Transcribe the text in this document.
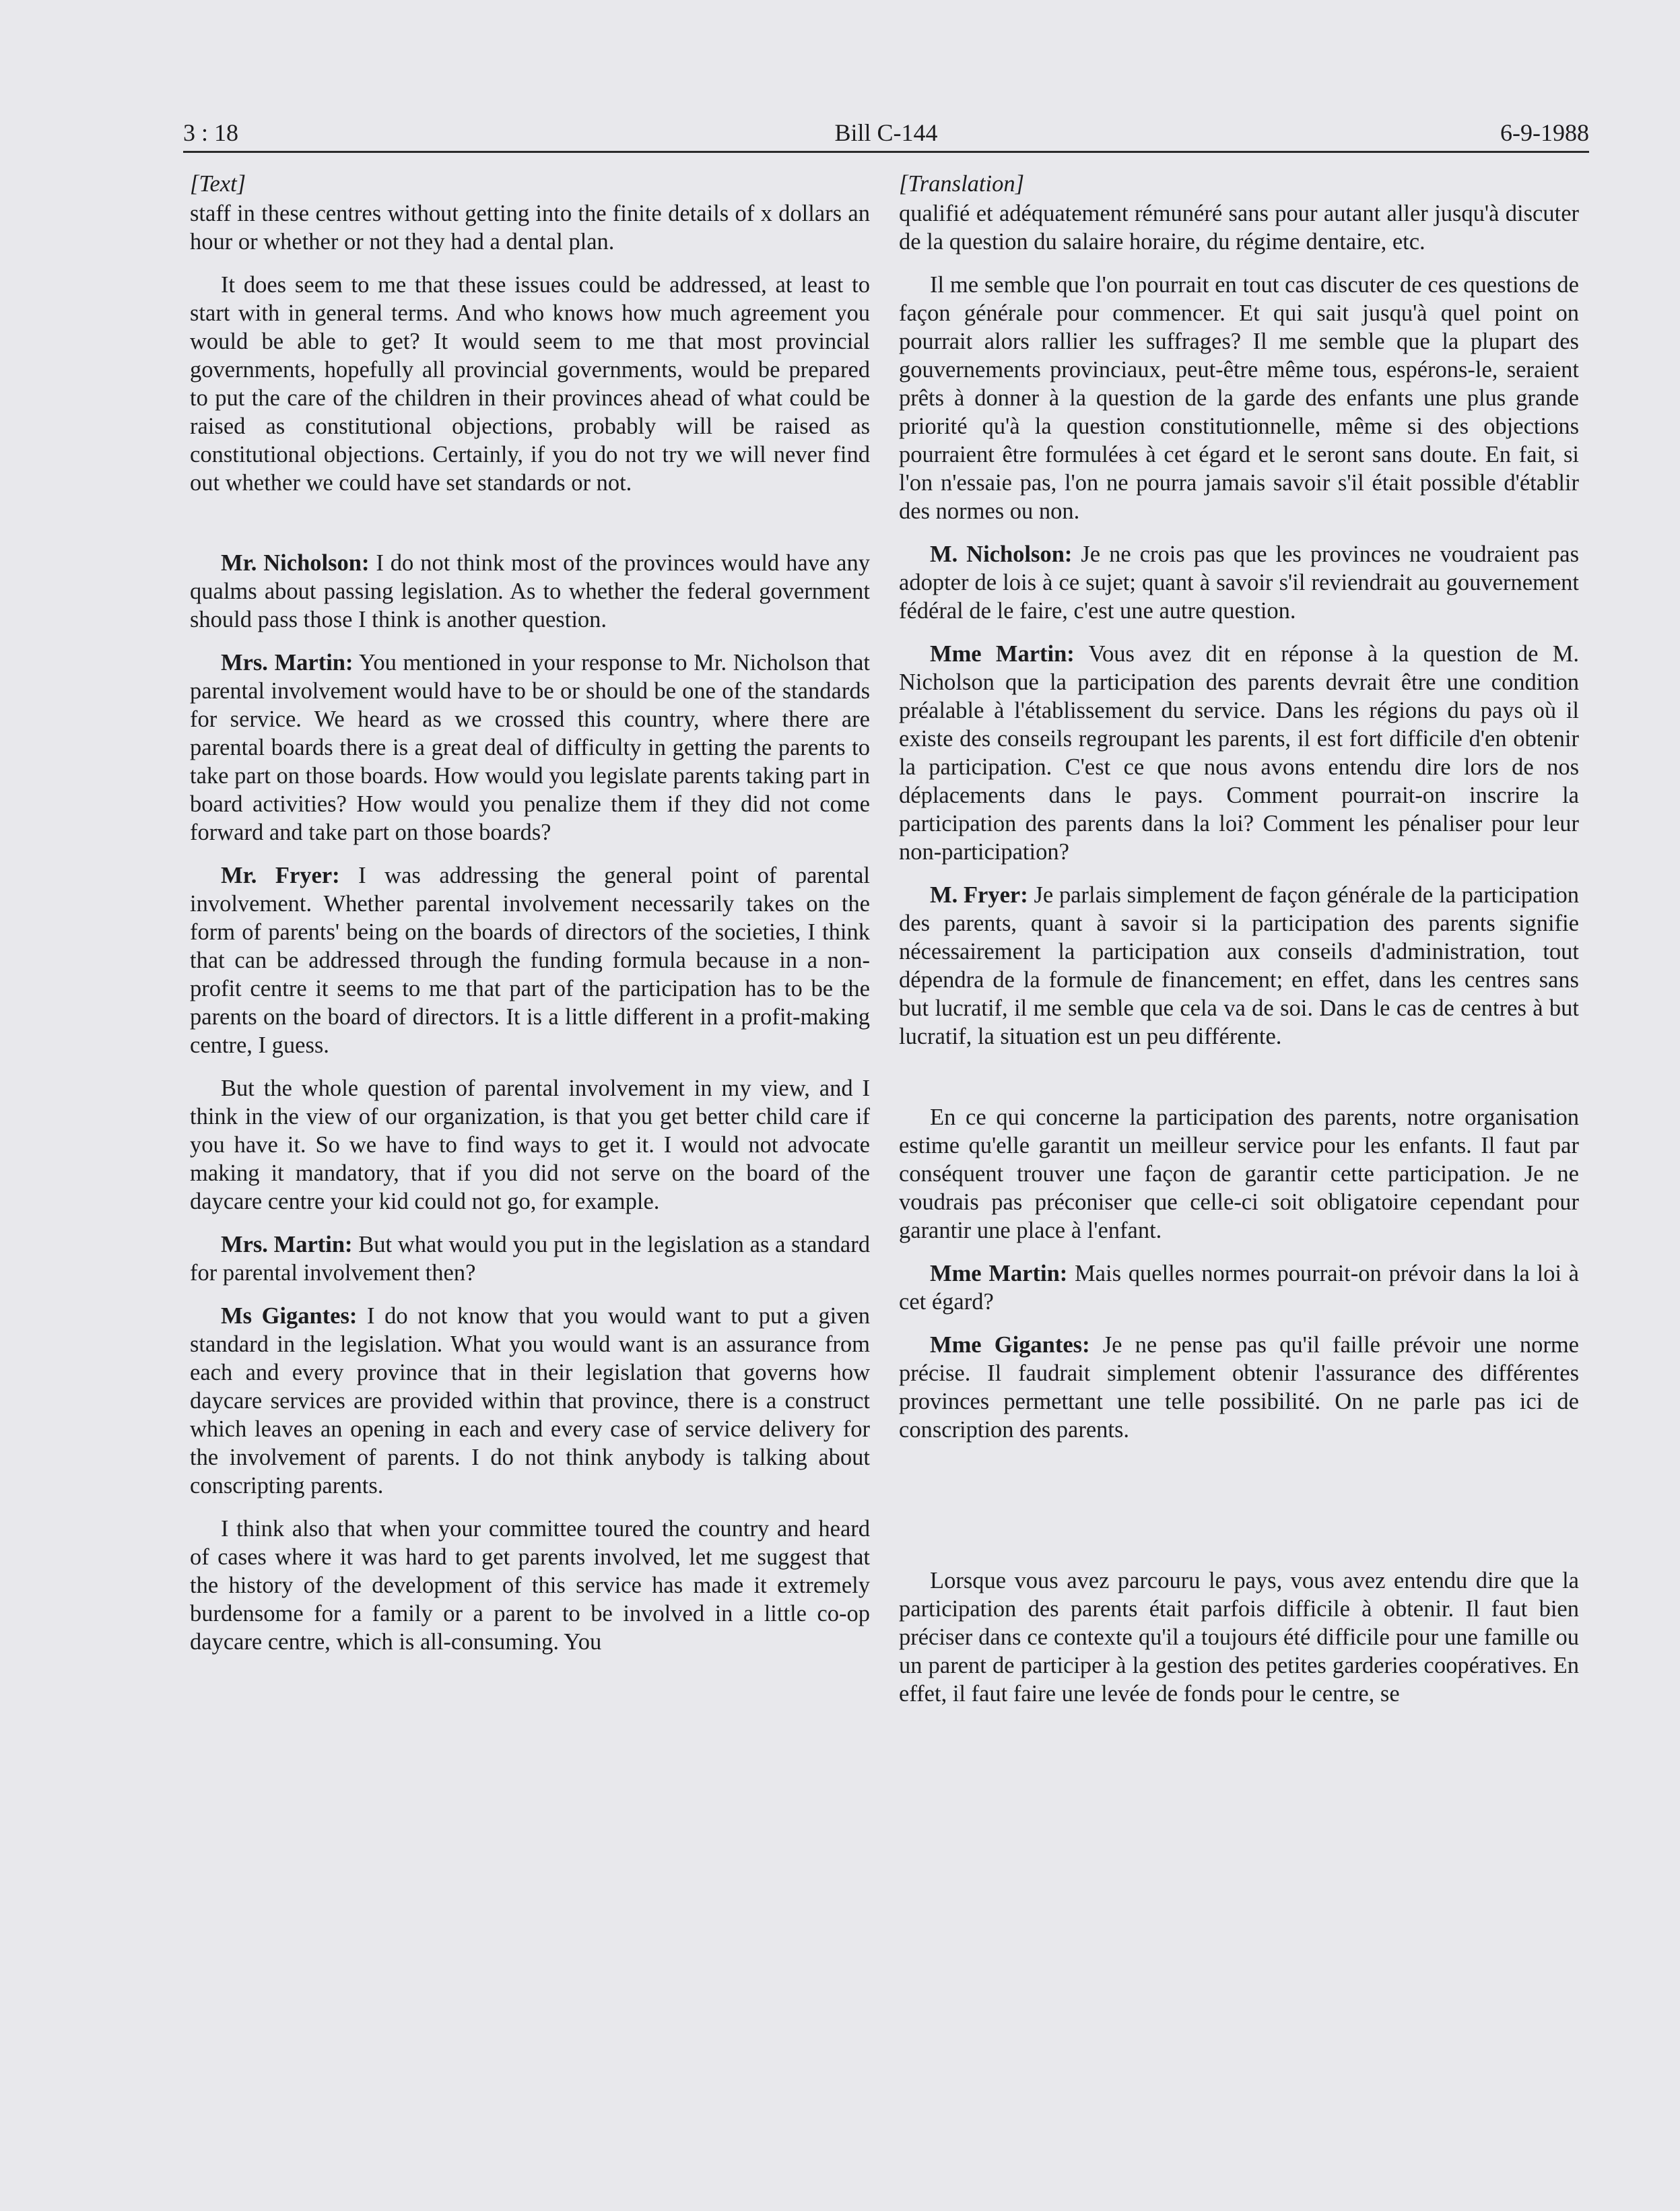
3 : 18	Bill C-144	6-9-1988
[Text]

staff in these centres without getting into the finite details of x dollars an hour or whether or not they had a dental plan.

It does seem to me that these issues could be addressed, at least to start with in general terms. And who knows how much agreement you would be able to get? It would seem to me that most provincial governments, hopefully all provincial governments, would be prepared to put the care of the children in their provinces ahead of what could be raised as constitutional objections, probably will be raised as constitutional objections. Certainly, if you do not try we will never find out whether we could have set standards or not.

Mr. Nicholson: I do not think most of the provinces would have any qualms about passing legislation. As to whether the federal government should pass those I think is another question.

Mrs. Martin: You mentioned in your response to Mr. Nicholson that parental involvement would have to be or should be one of the standards for service. We heard as we crossed this country, where there are parental boards there is a great deal of difficulty in getting the parents to take part on those boards. How would you legislate parents taking part in board activities? How would you penalize them if they did not come forward and take part on those boards?

Mr. Fryer: I was addressing the general point of parental involvement. Whether parental involvement necessarily takes on the form of parents' being on the boards of directors of the societies, I think that can be addressed through the funding formula because in a non-profit centre it seems to me that part of the participation has to be the parents on the board of directors. It is a little different in a profit-making centre, I guess.

But the whole question of parental involvement in my view, and I think in the view of our organization, is that you get better child care if you have it. So we have to find ways to get it. I would not advocate making it mandatory, that if you did not serve on the board of the daycare centre your kid could not go, for example.

Mrs. Martin: But what would you put in the legislation as a standard for parental involvement then?

Ms Gigantes: I do not know that you would want to put a given standard in the legislation. What you would want is an assurance from each and every province that in their legislation that governs how daycare services are provided within that province, there is a construct which leaves an opening in each and every case of service delivery for the involvement of parents. I do not think anybody is talking about conscripting parents.

I think also that when your committee toured the country and heard of cases where it was hard to get parents involved, let me suggest that the history of the development of this service has made it extremely burdensome for a family or a parent to be involved in a little co-op daycare centre, which is all-consuming. You

[Translation]

qualifié et adéquatement rémunéré sans pour autant aller jusqu'à discuter de la question du salaire horaire, du régime dentaire, etc.

Il me semble que l'on pourrait en tout cas discuter de ces questions de façon générale pour commencer. Et qui sait jusqu'à quel point on pourrait alors rallier les suffrages? Il me semble que la plupart des gouvernements provinciaux, peut-être même tous, espérons-le, seraient prêts à donner à la question de la garde des enfants une plus grande priorité qu'à la question constitutionnelle, même si des objections pourraient être formulées à cet égard et le seront sans doute. En fait, si l'on n'essaie pas, l'on ne pourra jamais savoir s'il était possible d'établir des normes ou non.

M. Nicholson: Je ne crois pas que les provinces ne voudraient pas adopter de lois à ce sujet; quant à savoir s'il reviendrait au gouvernement fédéral de le faire, c'est une autre question.

Mme Martin: Vous avez dit en réponse à la question de M. Nicholson que la participation des parents devrait être une condition préalable à l'établissement du service. Dans les régions du pays où il existe des conseils regroupant les parents, il est fort difficile d'en obtenir la participation. C'est ce que nous avons entendu dire lors de nos déplacements dans le pays. Comment pourrait-on inscrire la participation des parents dans la loi? Comment les pénaliser pour leur non-participation?

M. Fryer: Je parlais simplement de façon générale de la participation des parents, quant à savoir si la participation des parents signifie nécessairement la participation aux conseils d'administration, tout dépendra de la formule de financement; en effet, dans les centres sans but lucratif, il me semble que cela va de soi. Dans le cas de centres à but lucratif, la situation est un peu différente.

En ce qui concerne la participation des parents, notre organisation estime qu'elle garantit un meilleur service pour les enfants. Il faut par conséquent trouver une façon de garantir cette participation. Je ne voudrais pas préconiser que celle-ci soit obligatoire cependant pour garantir une place à l'enfant.

Mme Martin: Mais quelles normes pourrait-on prévoir dans la loi à cet égard?

Mme Gigantes: Je ne pense pas qu'il faille prévoir une norme précise. Il faudrait simplement obtenir l'assurance des différentes provinces permettant une telle possibilité. On ne parle pas ici de conscription des parents.

Lorsque vous avez parcouru le pays, vous avez entendu dire que la participation des parents était parfois difficile à obtenir. Il faut bien préciser dans ce contexte qu'il a toujours été difficile pour une famille ou un parent de participer à la gestion des petites garderies coopératives. En effet, il faut faire une levée de fonds pour le centre, se
